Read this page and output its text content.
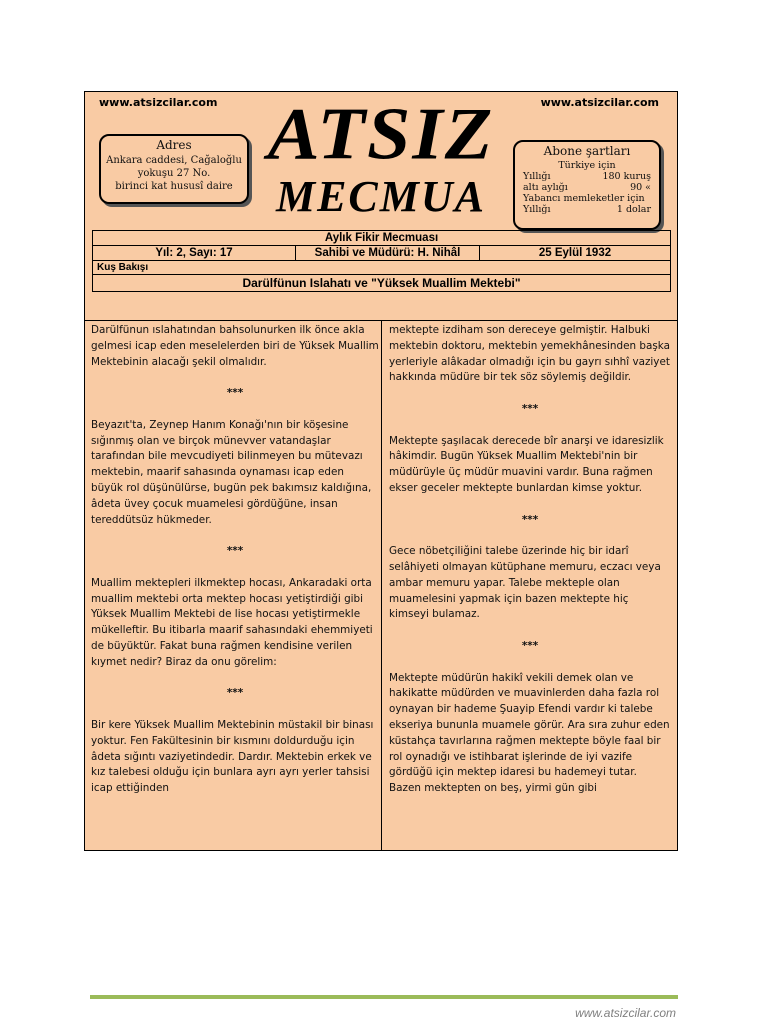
www.atsizcilar.com	www.atsizcilar.com
ATSIZ
MECMUA
Adres
Ankara caddesi, Cağaloğlu
yokuşu 27 No.
birinci kat hususî daire
Abone şartları
Türkiye için
Yıllığı	180 kuruş
altı aylığı	90 «
Yabancı memleketler için
Yıllığı	1 dolar
Aylık Fikir Mecmuası
Yıl: 2, Sayı: 17	Sahibi ve Müdürü: H. Nihâl	25 Eylül 1932
Kuş Bakışı
Darülfünun Islahatı ve "Yüksek Muallim Mektebi"

Darülfünun ıslahatından bahsolunurken ilk önce akla gelmesi icap eden meselelerden biri de Yüksek Muallim Mektebinin alacağı şekil olmalıdır.

***

Beyazıt'ta, Zeynep Hanım Konağı'nın bir köşesine sığınmış olan ve birçok münevver vatandaşlar tarafından bile mevcudiyeti bilinmeyen bu mütevazı mektebin, maarif sahasında oynaması icap eden büyük rol düşünülürse, bugün pek bakımsız kaldığına, âdeta üvey çocuk muamelesi gördüğüne, insan tereddütsüz hükmeder.

***

Muallim mektepleri ilkmektep hocası, Ankaradaki orta muallim mektebi orta mektep hocası yetiştirdiği gibi Yüksek Muallim Mektebi de lise hocası yetiştirmekle mükelleftir. Bu itibarla maarif sahasındaki ehemmiyeti de büyüktür. Fakat buna rağmen kendisine verilen kıymet nedir? Biraz da onu görelim:

***

Bir kere Yüksek Muallim Mektebinin müstakil bir binası yoktur. Fen Fakültesinin bir kısmını doldurduğu için âdeta sığıntı vaziyetindedir. Dardır. Mektebin erkek ve kız talebesi olduğu için bunlara ayrı ayrı yerler tahsisi icap ettiğinden

mektepte izdiham son dereceye gelmiştir. Halbuki mektebin doktoru, mektebin yemekhânesinden başka yerleriyle alâkadar olmadığı için bu gayrı sıhhî vaziyet hakkında müdüre bir tek söz söylemiş değildir.

***

Mektepte şaşılacak derecede bîr anarşi ve idaresizlik hâkimdir. Bugün Yüksek Muallim Mektebi'nin bir müdürüyle üç müdür muavini vardır. Buna rağmen ekser geceler mektepte bunlardan kimse yoktur.

***

Gece nöbetçiliğini talebe üzerinde hiç bir idarî selâhiyeti olmayan kütüphane memuru, eczacı veya ambar memuru yapar. Talebe mekteple olan muamelesini yapmak için bazen mektepte hiç kimseyi bulamaz.

***

Mektepte müdürün hakikî vekili demek olan ve hakikatte müdürden ve muavinlerden daha fazla rol oynayan bir hademe Şuayip Efendi vardır ki talebe ekseriya bununla muamele görür. Ara sıra zuhur eden küstahça tavırlarına rağmen mektepte böyle faal bir rol oynadığı ve istihbarat işlerinde de iyi vazife gördüğü için mektep idaresi bu hademeyi tutar. Bazen mektepten on beş, yirmi gün gibi

www.atsizcilar.com
